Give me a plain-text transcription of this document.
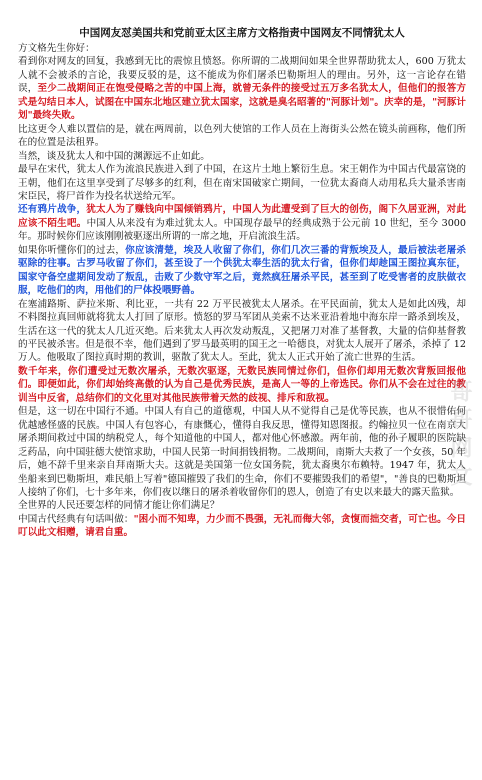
中国网友怼美国共和党前亚太区主席方文格指责中国网友不同情犹太人

方文格先生你好：

看到你对网友的回复，我感到无比的震惊且愤怒。你所谓的二战期间如果全世界帮助犹太人，600 万犹太人就不会被杀的言论，我要反驳的是，这不能成为你们屠杀巴勒斯坦人的理由。另外，这一言论存在错误，至少二战期间正在饱受侵略之苦的中国上海，就曾无条件的接受过五万多名犹太人，但他们的报答方式是勾结日本人，试图在中国东北地区建立犹太国家，这就是臭名昭著的"河豚计划"。庆幸的是，"河豚计划"最终失败。

比这更令人难以置信的是，就在两周前，以色列大使馆的工作人员在上海街头公然在镜头前画称，他们所在的位置是法租界。

当然，谈及犹太人和中国的渊源远不止如此。

最早在宋代，犹太人作为流浪民族进入到了中国，在这片土地上繁衍生息。宋王朝作为中国古代最富饶的王朝，他们在这里享受到了尽够多的红利，但在南宋国破家亡期间，一位犹太裔商人动用私兵大量杀害南宋臣民，将尸首作为投名状送给元军。

还有鸦片战争，犹太人为了赚钱向中国倾销鸦片，中国人为此遭受到了巨大的创伤，阁下久居亚洲，对此应该不陌生吧。中国人从来没有为难过犹太人。中国现存最早的经典成熟于公元前 10 世纪，至今 3000 年。那时候你们应该刚刚被驱逐出所谓的一席之地，开启流浪生活。

如果你听懂你们的过去，你应该清楚，埃及人收留了你们，你们几次三番的背叛埃及人，最后被法老屠杀驱除的往事。古罗马收留了你们，甚至设了一个供犹太奉生活的犹太行省，但你们却趁国王图拉真东征，国家守备空虚期间发动了叛乱，击败了少数守军之后，竟然疯狂屠杀平民，甚至到了吃受害者的皮肤做衣服，吃他们的肉，用他们的尸体投喂野兽。

在塞浦路斯、萨拉米斯、利比亚，一共有 22 万平民被犹太人屠杀。在平民面前，犹太人是如此凶残，却不料图拉真回师就将犹太人打回了原形。愤怒的罗马军团从美索不达米亚沿着地中海东岸一路杀到埃及，生活在这一代的犹太人几近灭绝。后来犹太人再次发动叛乱，又把屠刀对准了基督教，大量的信仰基督教的平民被杀害。但是很不幸，他们遇到了罗马最英明的国王之一哈德良，对犹太人展开了屠杀，杀掉了 12 万人。他吸取了图拉真时期的教训，驱散了犹太人。至此，犹太人正式开始了流亡世界的生活。

数千年来，你们遭受过无数次屠杀，无数次驱逐，无数民族同情过你们，但你们却用无数次背叛回报他们。即便如此，你们却始终高傲的认为自己是优秀民族，是高人一等的上帝选民。你们从不会在过往的教训当中反省，总结你们的文化里对其他民族带着天然的歧视、排斥和敌视。

但是，这一切在中国行不通。中国人有自己的道德观，中国人从不觉得自己是优等民族，也从不很惜佑何优越感怪盛的民族。中国人有包容心，有康慨心，懂得自我反思，懂得知恩图报。约翰拉贝一位在南京大屠杀期间救过中国的纳税党人，每个知道他的中国人，都对他心怀感激。两年前，他的孙子履职的医院缺乏药品，向中国驻德大使馆求助，中国人民第一时间捐钱捐物。二战期间，南斯大夫救了一个女孩，50 年后，她不辞千里来亲自拜南斯大夫。这就是美国第一位女国务院，犹太裔奥尔布赖特。1947 年，犹太人坐船来到巴勒斯坦，难民船上写着"德国摧毁了我们的生命，你们不要摧毁我们的希望"，"善良的巴勒斯坦人接纳了你们，七十多年来，你们夜以继日的屠杀着收留你们的恩人，创造了有史以来最大的露天监狱。

全世界的人民还要怎样的同情才能让你们满足？

中国古代经典有句话叫做："困小而不知卑，力少而不畏强，无礼而侮大邻，贪愎而拙交者，可亡也。今日叮以此文相赠，请君自重。

哥哥网文
